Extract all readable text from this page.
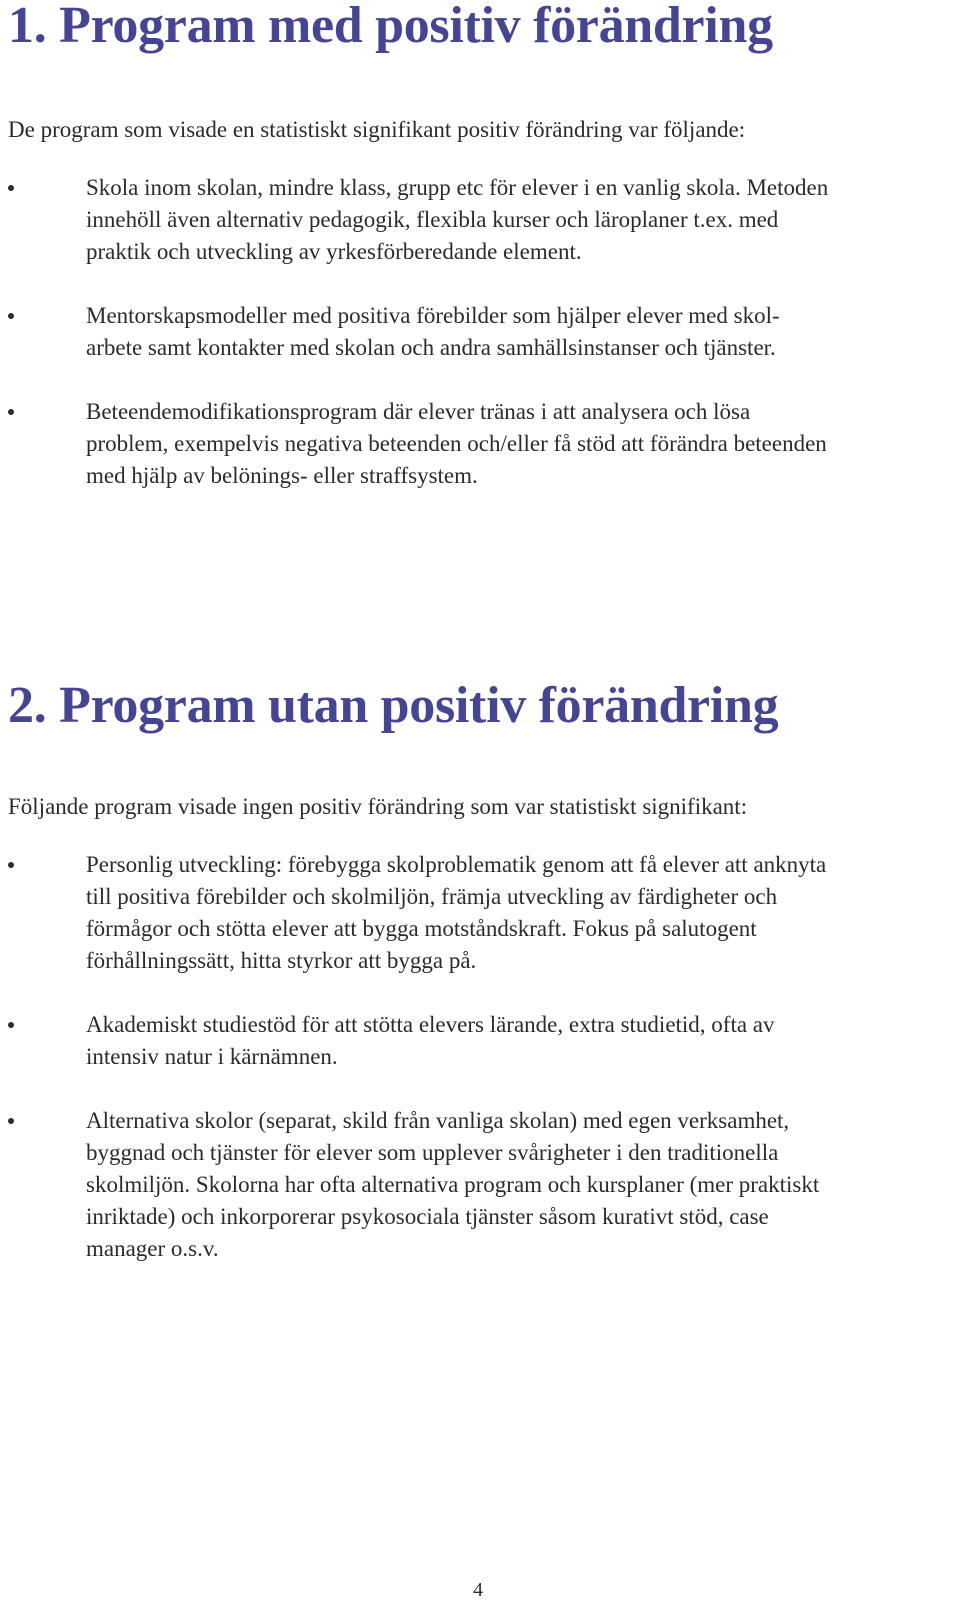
1. Program med positiv förändring

De program som visade en statistiskt signifikant positiv förändring var följande:

Skola inom skolan, mindre klass, grupp etc för elever i en vanlig skola. Metoden
innehöll även alternativ pedagogik, flexibla kurser och läroplaner t.ex. med
praktik och utveckling av yrkesförberedande element.
Mentorskapsmodeller med positiva förebilder som hjälper elever med skol-
arbete samt kontakter med skolan och andra samhällsinstanser och tjänster.
Beteendemodifikationsprogram där elever tränas i att analysera och lösa
problem, exempelvis negativa beteenden och/eller få stöd att förändra beteenden
med hjälp av belönings- eller straffsystem.
2. Program utan positiv förändring

Följande program visade ingen positiv förändring som var statistiskt signifikant:

Personlig utveckling: förebygga skolproblematik genom att få elever att anknyta
till positiva förebilder och skolmiljön, främja utveckling av färdigheter och
förmågor och stötta elever att bygga motståndskraft. Fokus på salutogent
förhållningssätt, hitta styrkor att bygga på.
Akademiskt studiestöd för att stötta elevers lärande, extra studietid, ofta av
intensiv natur i kärnämnen.
Alternativa skolor (separat, skild från vanliga skolan) med egen verksamhet,
byggnad och tjänster för elever som upplever svårigheter i den traditionella
skolmiljön. Skolorna har ofta alternativa program och kursplaner (mer praktiskt
inriktade) och inkorporerar psykosociala tjänster såsom kurativt stöd, case
manager o.s.v.
4
